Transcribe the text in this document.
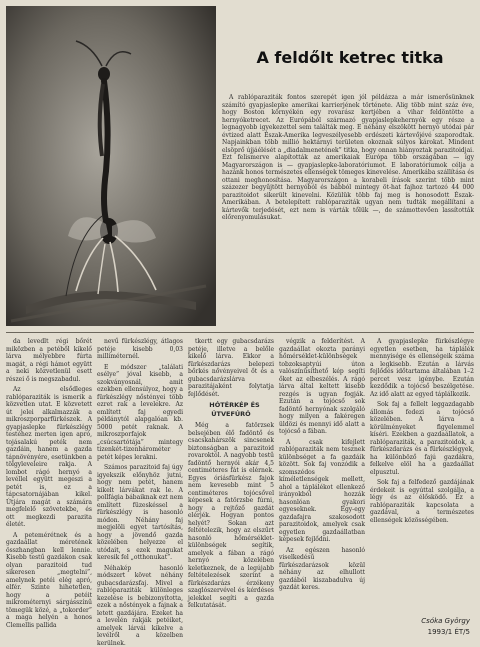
A feldőlt ketrec titka

A rablóparaziták fontos szerepét igen jól példázza a már ismerősünknek számító gyapjaslepke amerikai karrierjének története. Alig több mint száz éve, hogy Boston környékén egy rovarász kertjében a vihar feldöntötte a hernyóketrecet. Az Európából származó gyapjaslepkehernyók egy része a legnagyobb igyekezettel sem találták meg. E néhány elszökött hernyó utódai pár évtized alatt Észak-Amerika legveszélyesebb erdészeti kártevőjévé szaporodtak. Napjainkban több millió hektárnyi területen okoznak súlyos károkat. Mindent elsöprő újjáélését a „diadalmenetének” titka, hogy onnan hiányoztak parazitoidjai. Ezt felismerve alapították az amerikaiak Európa több országában — így Magyarországon is — gyapjaslepke-laboratóriumot. E laboratóriumok célja a hazánk honos természetes ellenségek tömeges kinevelése. Amerikába szállítása és ottani meghonosítása. Magyarországon a korabeli írások szerint több mint százezer begyűjtött hernyóból és bábból mintegy öt-hat fajhoz tartozó 44 000 parazitoidot sikerült kinevelni. Közülük több faj meg is honosodott Észak-Amerikában. A betelepített rablóparaziták ugyan nem tudták megállítani a kártevők terjedését, ezt nem is várták tőlük —, de számottevően lassították előrenyomulásukat.

da levedlt régi bőrét miközben a petéből kikelő lárva mélyebbre fúrta magát, a régi hámot együtt a neki közvetlenül esett részei ő is megszabadul.

Az elsődleges rablóparaziták is ismerik a közvetlen utat. E közvetett út jelei alkalmazzák a mikroszporparfürkészek. A gyapjaslepke fürkészlégy testéhez merten igen apró, tojásalakú peték nem gazdáin, hanem a gazda tápnövényére, esetünkben a tölgyleveleire rakja. A lombot rágó hernyó a levéllel együtt megeszi a petét is, ez a tápcsatornájában kikel. Útjára magát a számára megfelelő szövetekbe, és ott megkezdi parazita életét.

A petemérétnek és a gazdaállat méretének összhangban kell lennie. Kisebb testű gazdákon csak olyan parazitoid tud sikeresen „megtelni”, amelynek petéi elég apró, elfér. Szinte hihetetlen, hogy a petéit mikrométernyi sárgásszínű tömegük közé, a „tokorder” a maga helyén a honos Clemellis pallida

nevű fürkészlégy, átlagos petéje kisebb 0,03 milliméternél.

E módszer „találati esélye” jóval kisebb, a szokványosnál, amit ezekben ellensúlyoz, hogy a fürkészlégy nőstényei több ezret rak a levelekre. Az említett faj egyedi példánytól alapgalóan kb. 5000 petét raknak. A mikroszporfajok „csúcsartótája” mintegy tizenkét-tizenhárométer petét képes lerakni.

Számos parazitoid faj úgy igyekszik előnyhöz jutni, hogy nem petét, hanem kikelt lárvákat rak le. A pollfágia bábaiknak ezt nem említett füzeskéssel a fürkészlégy is hasonló módon. Néhány faj megjelöli egyet tartósítás, hogy a jövendő gazda közelében helyezze el utódait, s ezek magukat keresik fel „otthonukat”.

Néhakép hasonló módszert követ néhány gubacsdarázsfaj. Mivel a rablóparaziták különleges kezelése is bebizonyította, ezek a nőstények a fajnak a letett gazdájára. Ezeket ha a levelén rakják petéiket, amelyek lárvái kikelve a levélről a közelben kerülnek.

tkertt egy gubacsdarázs petéje, illetve a belőle kikelő lárva. Ekkor a fürkészdarázs belepezi bőrkés nővényeivel őt és a gubacsdarázslárva parazitájaként folytatja fejlődését.

HÓTÉRKÉP ÉS ÚTVEFÚRÓ

Még a fatörzsek belsejében élő fadöntő és csacskahárszök sincsenek biztonságban a parazitoid rovaroktól. A nagyobb testű fadöntő hernyói akár 4,5 centiméteres fát is elérnek. Egyes óriásfürkész fajok nem kevesebb mint 5 centiméteres tojócsővel képesek a fatörzsbe fúrni, hogy a rejtőző gazdát elérjék. Hogyan pontos helyét? Sokan azt feltételezik, hogy az elszűrt hasonló hőmérséklet-különbségek segítik, amelyek a fában a rágó hernyó közelében keletkeznek, de a legújabb feltételezések szerint a fürkészdarázs érzékeny szaglószervével és kérdéses jelekkel segíti a gazda felkutatását.

végzik a felderítést. A gazdaállat okozta parányi hőmérséklet-különbségek tobzoksaptyúi úton valószínűsíthető kép segíti őket az elbeszélés. A rágó lárva által keltett kisebb rezgés is ugyan fogják. Ezután a tojócső sok fadöntő hernyónak szolgáló hogy milyen a fakéregen üldözi és mennyi idő alatt a tojócső a fában.

A csak kifejlett rablóparaziták nem tesznek különbséget a fa gazdáik között. Sok faj vonzódik a szomszédos kíméletlenségek mellett, ahol a táplálékot ellenkező irányokból hozzák hasonlóan gyakori egyeseknek. Egy-egy gazdafajra szakosodott parazitoidok, amelyek csak egyetlen gazdaállatban képesek fejlődni.

Az egészen hasonló viselkedésű fürkészdarázsok közül néhány az elhullott gazdából kiszabadulva új gazdát keres.

A gyapjaslepke fürkészlégye egyetlen esetben, ha táplálék mennyisége és ellenségeik száma a legkisebb. Ezután a lárvás fejlődés időtartama általában 1–2 percet vesz igénybe. Ezután kezdődik a tojócső beszélgetése. Az idő alatt az egyed táplálkozik.

Sok faj a fellelt leggazdagabb állomás fedezi a tojócső közelében. A lárva a körülményeket figyelemmel kíséri. Ezekben a gazdaállatok, a rablóparaziták, a parazitoidok, a fürkészdarázs és a fürkészlégyek, ha különböző fajú gazdákra, felkelve elöl ha a gazdaállat elpusztul.

Sok faj a felfedező gazdájának érdekeit is egyúttal szolgálja, a légy és az élősködő. Ez a rablóparaziták kapcsolata a gazdával, a természetes ellenségek közösségében.

Csóka György
1993/1 ÉT/5
